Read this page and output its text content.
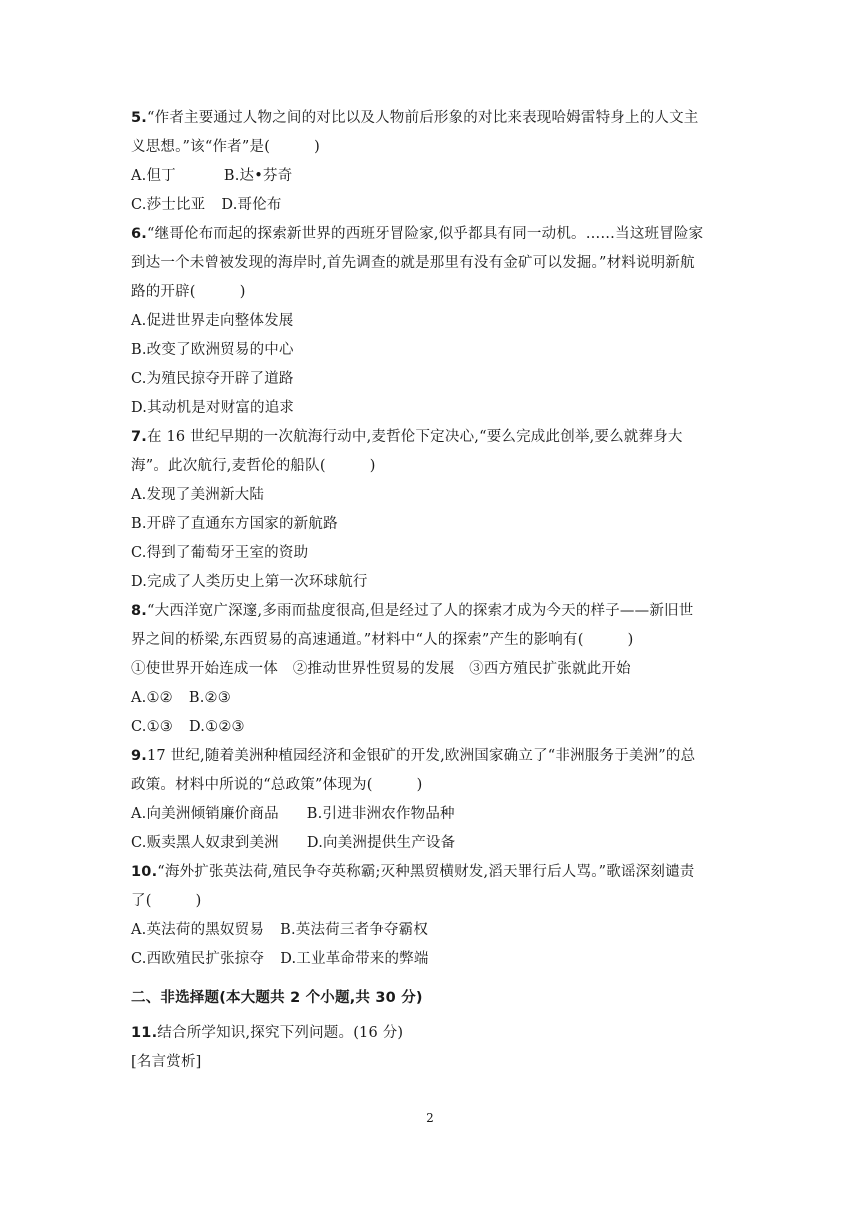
5.“作者主要通过人物之间的对比以及人物前后形象的对比来表现哈姆雷特身上的人文主
义思想。”该“作者”是(　　　)
A.但丁	B.达•芬奇
C.莎士比亚 D.哥伦布
6.“继哥伦布而起的探索新世界的西班牙冒险家,似乎都具有同一动机。……当这班冒险家
到达一个未曾被发现的海岸时,首先调查的就是那里有没有金矿可以发掘。”材料说明新航
路的开辟(　　　)
A.促进世界走向整体发展
B.改变了欧洲贸易的中心
C.为殖民掠夺开辟了道路
D.其动机是对财富的追求
7.在 16 世纪早期的一次航海行动中,麦哲伦下定决心,“要么完成此创举,要么就葬身大
海”。此次航行,麦哲伦的船队(　　　)
A.发现了美洲新大陆
B.开辟了直通东方国家的新航路
C.得到了葡萄牙王室的资助
D.完成了人类历史上第一次环球航行
8.“大西洋宽广深邃,多雨而盐度很高,但是经过了人的探索才成为今天的样子——新旧世
界之间的桥梁,东西贸易的高速通道。”材料中“人的探索”产生的影响有(　　　)
①使世界开始连成一体　②推动世界性贸易的发展　③西方殖民扩张就此开始
A.①② B.②③
C.①③ D.①②③
9.17 世纪,随着美洲种植园经济和金银矿的开发,欧洲国家确立了“非洲服务于美洲”的总
政策。材料中所说的“总政策”体现为(　　　)
A.向美洲倾销廉价商品 B.引进非洲农作物品种
C.贩卖黑人奴隶到美洲 D.向美洲提供生产设备
10.“海外扩张英法荷,殖民争夺英称霸;灭种黑贸横财发,滔天罪行后人骂。”歌谣深刻谴责
了(　　　)
A.英法荷的黑奴贸易 B.英法荷三者争夺霸权
C.西欧殖民扩张掠夺 D.工业革命带来的弊端
二、非选择题(本大题共 2 个小题,共 30 分)
11.结合所学知识,探究下列问题。(16 分)
[名言赏析]
2
